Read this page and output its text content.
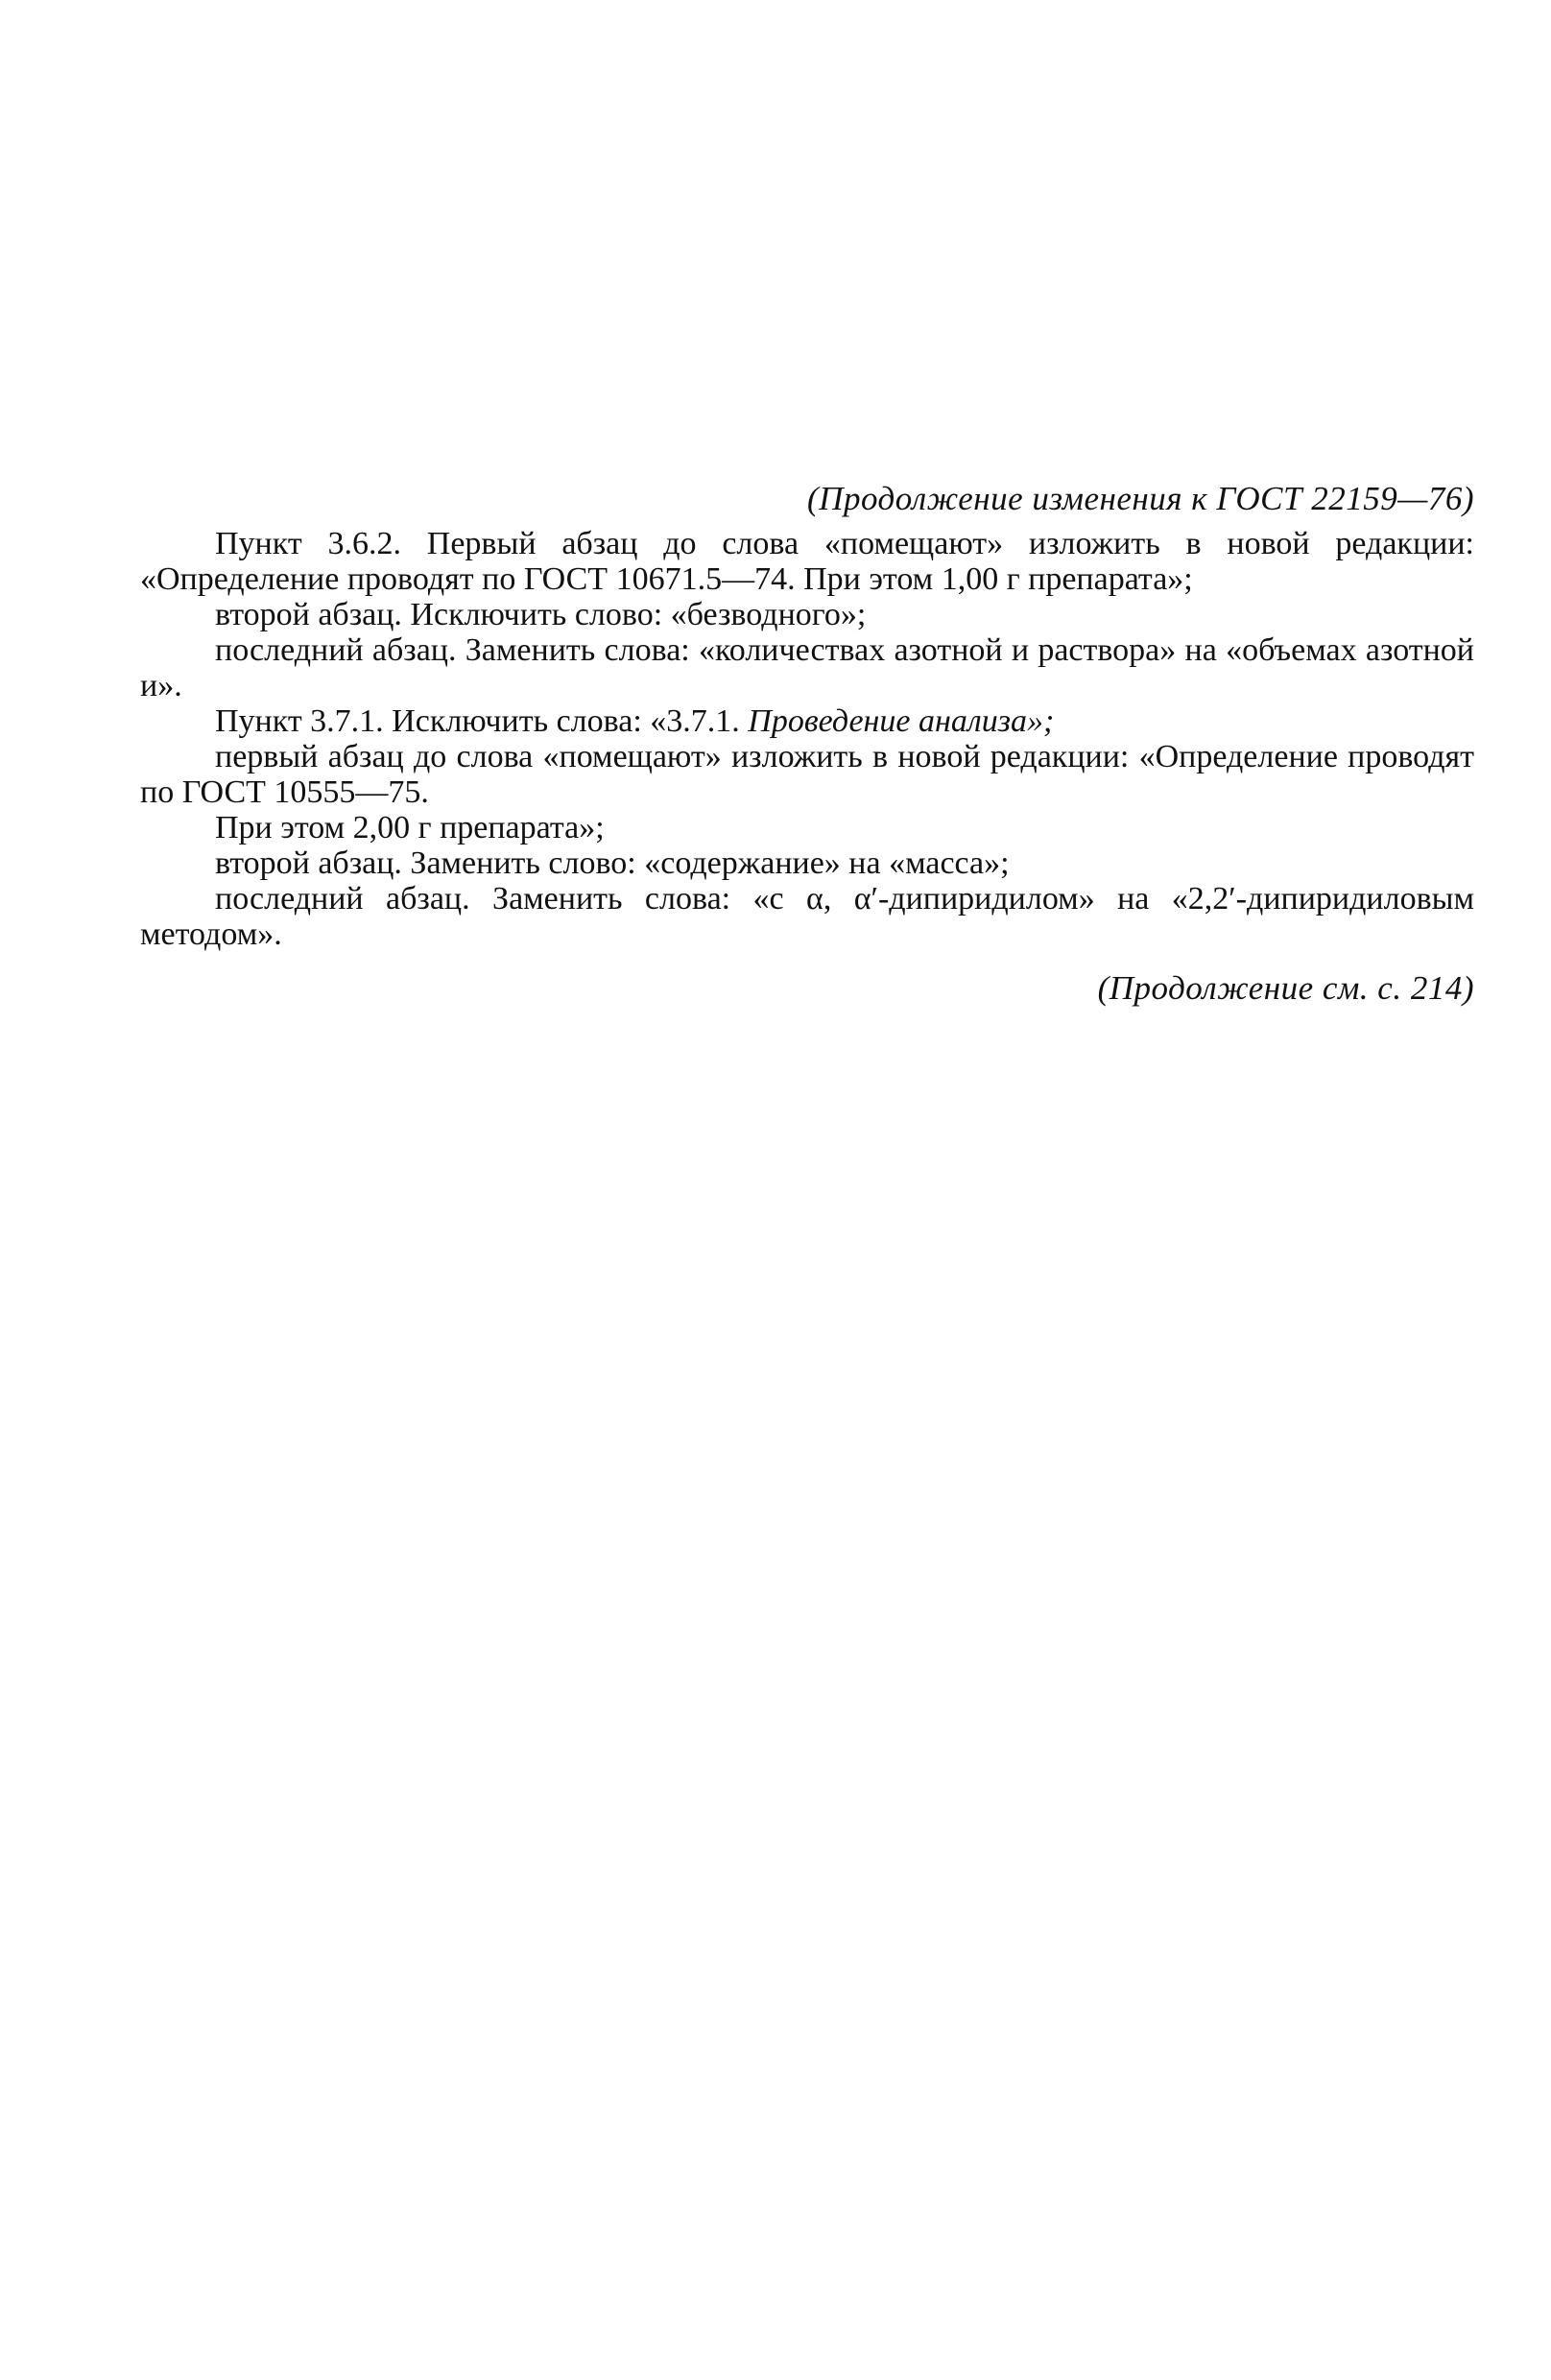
(Продолжение изменения к ГОСТ 22159—76)

Пункт 3.6.2. Первый абзац до слова «помещают» изложить в новой редакции: «Определение проводят по ГОСТ 10671.5—74. При этом 1,00 г препарата»;

второй абзац. Исключить слово: «безводного»;

последний абзац. Заменить слова: «количествах азотной и раствора» на «объемах азотной и».

Пункт 3.7.1. Исключить слова: «3.7.1. Проведение анализа»;

первый абзац до слова «помещают» изложить в новой редакции: «Определение проводят по ГОСТ 10555—75.

При этом 2,00 г препарата»;

второй абзац. Заменить слово: «содержание» на «масса»;

последний абзац. Заменить слова: «с α, α′-дипиридилом» на «2,2′-дипиридиловым методом».

(Продолжение см. с. 214)
